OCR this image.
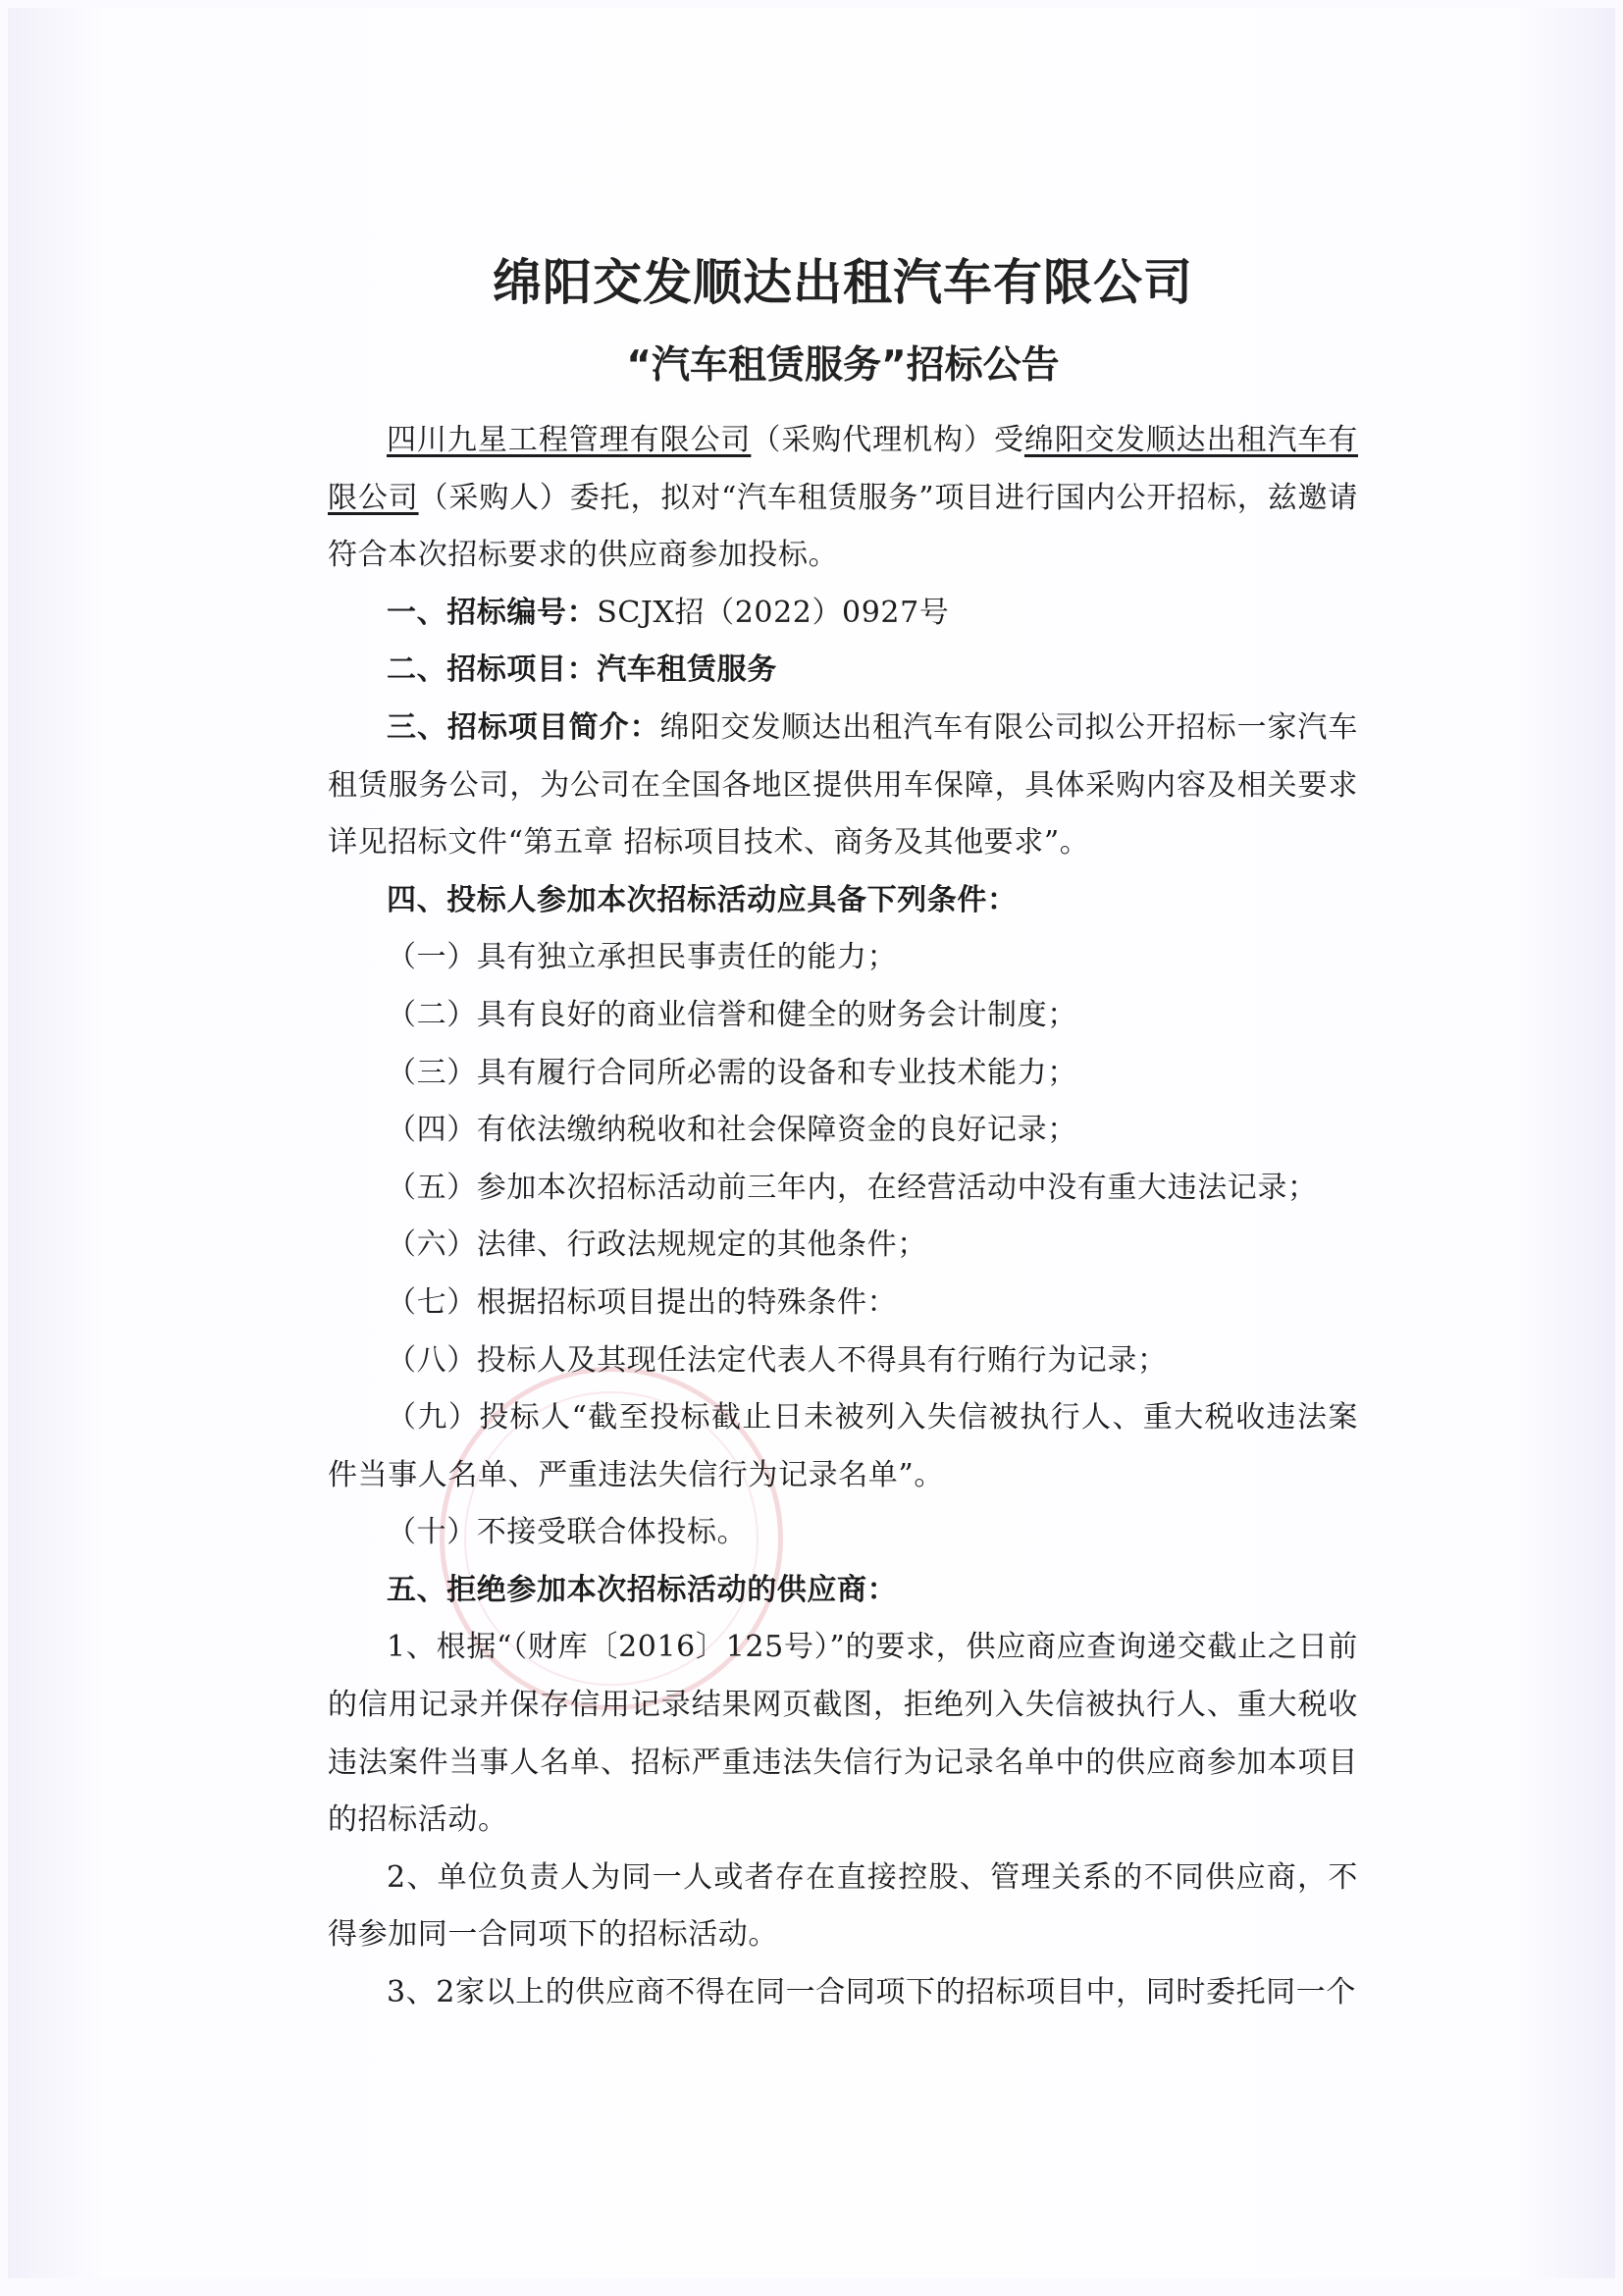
绵阳交发顺达出租汽车有限公司
“汽车租赁服务”招标公告

四川九星工程管理有限公司（采购代理机构）受绵阳交发顺达出租汽车有限公司（采购人）委托，拟对“汽车租赁服务”项目进行国内公开招标，兹邀请符合本次招标要求的供应商参加投标。

一、招标编号：SCJX招（2022）0927号

二、招标项目：汽车租赁服务

三、招标项目简介：绵阳交发顺达出租汽车有限公司拟公开招标一家汽车租赁服务公司，为公司在全国各地区提供用车保障，具体采购内容及相关要求详见招标文件“第五章 招标项目技术、商务及其他要求”。

四、投标人参加本次招标活动应具备下列条件：

（一）具有独立承担民事责任的能力；

（二）具有良好的商业信誉和健全的财务会计制度；

（三）具有履行合同所必需的设备和专业技术能力；

（四）有依法缴纳税收和社会保障资金的良好记录；

（五）参加本次招标活动前三年内，在经营活动中没有重大违法记录；

（六）法律、行政法规规定的其他条件；

（七）根据招标项目提出的特殊条件：

（八）投标人及其现任法定代表人不得具有行贿行为记录；

（九）投标人“截至投标截止日未被列入失信被执行人、重大税收违法案件当事人名单、严重违法失信行为记录名单”。

（十）不接受联合体投标。

五、拒绝参加本次招标活动的供应商：

1、根据“（财库〔2016〕125号）”的要求，供应商应查询递交截止之日前的信用记录并保存信用记录结果网页截图，拒绝列入失信被执行人、重大税收违法案件当事人名单、招标严重违法失信行为记录名单中的供应商参加本项目的招标活动。

2、单位负责人为同一人或者存在直接控股、管理关系的不同供应商，不得参加同一合同项下的招标活动。

3、2家以上的供应商不得在同一合同项下的招标项目中，同时委托同一个
